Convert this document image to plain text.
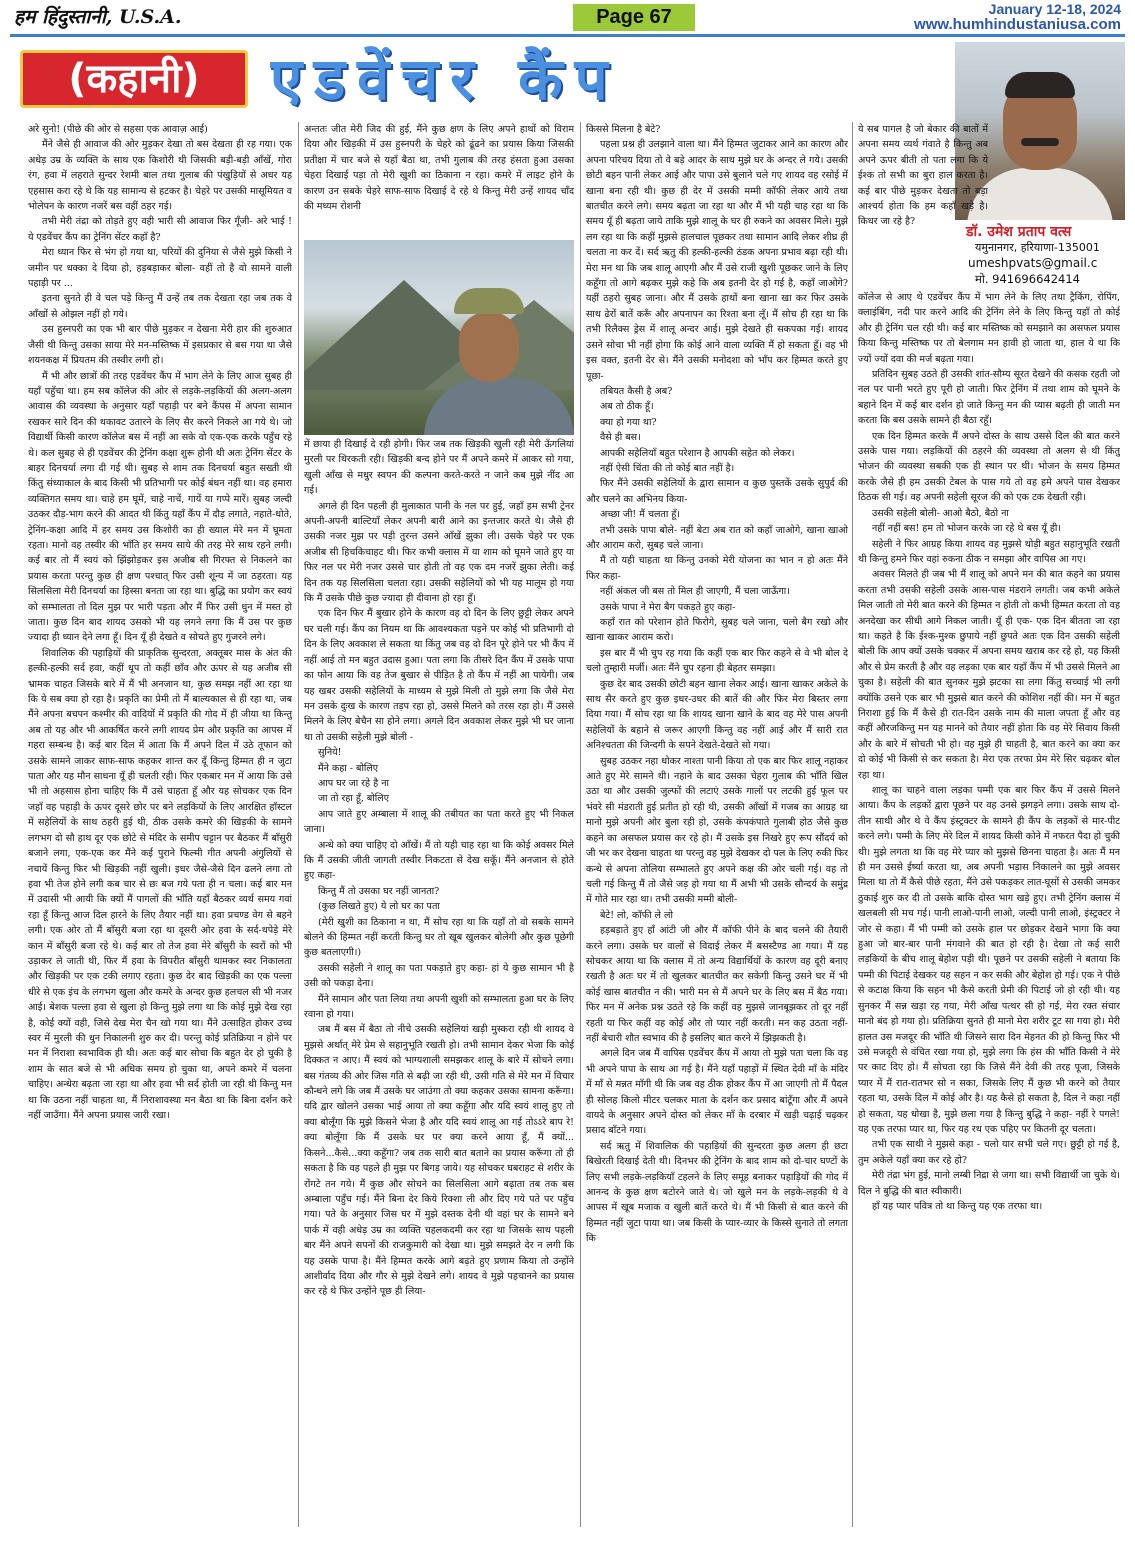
हम हिंदुस्तानी, U.S.A.	Page 67	January 12-18, 2024
www.humhindustaniusa.com
(कहानी)	एडवेंचर कैंप
डॉ. उमेश प्रताप वत्स
यमुनानगर, हरियाणा-135001
umeshpvats@gmail.c
मो. 941696642414

अरे सुनो! (पीछे की ओर से सहसा एक आवाज़ आई)

मैंने जैसे ही आवाज की ओर मुड़कर देखा तो बस देखता ही रह गया। एक अधेड़ उम्र के व्यक्ति के साथ एक किशोरी थी जिसकी बड़ी-बड़ी आँखें, गोरा रंग, हवा में लहराते सुन्दर रेशमी बाल तथा गुलाब की पंखुड़ियों से अधर यह एहसास करा रहे थे कि यह सामान्य से हटकर है। चेहरे पर उसकी मासूमियत व भोलेपन के कारण नजरें बस वहीं ठहर गई।

तभी मेरी तंद्रा को तोड़ते हुए वही भारी सी आवाज फिर गूँजी- अरे भाई ! ये एडवेंचर कैंप का ट्रेनिंग सेंटर कहाँ है?

मेरा ध्यान फिर से भंग हो गया था, परियों की दुनिया से जैसे मुझे किसी ने जमीन पर धक्का दे दिया हो, हड़बड़ाकर बोला- वहीं तो है वो सामने वाली पहाड़ी पर ...

इतना सुनते ही वे चल पड़े किन्तु मैं उन्हें तब तक देखता रहा जब तक वे आँखों से ओझल नहीं हो गये।

उस हुस्नपरी का एक भी बार पीछे मुड़कर न देखना मेरी हार की शुरुआत जैसी थी किन्तु उसका साया मेरे मन-मस्तिष्क में इसप्रकार से बस गया था जैसे शयनकक्ष में प्रियतम की तस्वीर लगी हो।

मैं भी और छात्रों की तरह एडवेंचर कैंप में भाग लेने के लिए आज सुबह ही यहाँ पहुँचा था। हम सब कॉलेज की ओर से लड़के-लड़कियों की अलग-अलग आवास की व्यवस्था के अनुसार यहाँ पहाड़ी पर बने कैंपस में अपना सामान रखकर सारे दिन की थकावट उतारने के लिए सैर करने निकले आ गये थे। जो विद्यार्थी किसी कारण कॉलेज बस में नहीं आ सके वो एक-एक करके पहुँच रहे थे। कल सुबह से ही एडवेंचर की ट्रेनिंग कक्षा शुरू होनी थी अतः ट्रेनिंग सेंटर के बाहर दिनचर्या लगा दी गई थी। सुबह से शाम तक दिनचर्या बहुत सख्ती थी किंतु संध्याकाल के बाद किसी भी प्रतिभागी पर कोई बंधन नहीं था। वह हमारा व्यक्तिगत समय था। चाहे हम घूमें, चाहे नाचें, गायें या गप्पे मारें। सुबह जल्दी उठकर दौड़-भाग करने की आदत थी किंतु यहाँ कैंप में दौड़ लगाते, नहाते-धोते, ट्रेनिंग-कक्षा आदि में हर समय उस किशोरी का ही ख्याल मेरे मन में घूमता रहता। मानो वह तस्वीर की भाँति हर समय साये की तरह मेरे साथ रहने लगी। कई बार तो मैं स्वयं को झिंझोड़कर इस अजीब सी गिरफ्त से निकलने का प्रयास करता परन्तु कुछ ही क्षण पश्चात् फिर उसी शून्य में जा ठहरता। यह सिलसिला मेरी दिनचर्या का हिस्सा बनता जा रहा था। बुद्धि का प्रयोग कर स्वयं को सम्भालता तो दिल मुझ पर भारी पड़ता और मैं फिर उसी धुन में मस्त हो जाता। कुछ दिन बाद शायद उसको भी यह लगने लगा कि मैं उस पर कुछ ज्यादा ही ध्यान देने लगा हूँ। दिन यूँ ही देखते व सोचते हुए गुजरने लगे।

शिवालिक की पहाड़ियों की प्राकृतिक सुन्दरता, अक्तूबर मास के अंत की हल्की-हल्की सर्द हवा, कहीं धूप तो कहीं छाँव और ऊपर से यह अजीब सी भ्रामक चाहत जिसके बारे में मैं भी अनजान था, कुछ समझ नहीं आ रहा था कि ये सब क्या हो रहा है। प्रकृति का प्रेमी तो मैं बाल्यकाल से ही रहा था, जब मैंने अपना बचपन कश्मीर की वादियों में प्रकृति की गोद में ही जीया था किन्तु अब तो यह और भी आकर्षित करने लगी शायद प्रेम और प्रकृति का आपस में गहरा सम्बन्ध है। कई बार दिल में आता कि मैं अपने दिल में उठे तूफान को उसके सामने जाकर साफ-साफ कहकर शान्त कर दूँ किन्तु हिम्मत ही न जुटा पाता और यह मौन साधना यूँ ही चलती रही। फिर एकबार मन में आया कि उसे भी तो अहसास होना चाहिए कि मैं उसे चाहता हूँ और यह सोचकर एक दिन जहाँ वह पहाड़ी के ऊपर दूसरे छोर पर बने लड़कियों के लिए आरक्षित हॉस्टल में सहेलियों के साथ ठहरी हुई थी, ठीक उसके कमरे की खिड़की के सामने लगभग दो सौ हाथ दूर एक छोटे से मंदिर के समीप चट्टान पर बैठकर मैं बाँसुरी बजाने लगा, एक-एक कर मैंने कई पुराने फिल्मी गीत अपनी अंगुलियों से नचायें किन्तु फिर भी खिड़की नहीं खुली। इधर जैसे-जैसे दिन ढलने लगा तो हवा भी तेज होने लगी कब चार से छः बज गये पता ही न चला। कई बार मन में उदासी भी आयी कि क्यों मैं पागलों की भाँति यहाँ बैठकर व्यर्थ समय गवां रहा हूँ किन्तु आज दिल हारने के लिए तैयार नहीं था। हवा प्रचण्ड वेग से बहने लगी। एक ओर तो मैं बाँसुरी बजा रहा था दूसरी ओर हवा के सर्द-थपेड़े मेरे कान में बाँसुरी बजा रहे थे। कई बार तो तेज हवा मेरे बाँसुरी के स्वरों को भी उड़ाकर ले जाती थी, फिर मैं हवा के विपरीत बाँसुरी थामकर स्वर निकालता और खिड़की पर एक टकी लगाए रहता। कुछ देर बाद खिड़की का एक पल्ला धीरे से एक इंच के लगभग खुला और कमरे के अन्दर कुछ हलचल सी भी नजर आई। बेशक पल्ला हवा से खुला हो किन्तु मुझे लगा था कि कोई मुझे देख रहा है, कोई क्यों वही, जिसे देख मेरा चैन खो गया था। मैंने उत्साहित होकर उच्च स्वर में मुरली की धुन निकालनी शुरु कर दी। परन्तु कोई प्रतिक्रिया न होने पर मन में निराशा स्वभाविक ही थी। अतः कई बार सोचा कि बहुत देर हो चुकी है शाम के सात बजे से भी अधिक समय हो चुका था, अपने कमरे में चलना चाहिए। अन्धेरा बढ़ता जा रहा था और हवा भी सर्द होती जा रही थी किन्तु मन था कि उठना नहीं चाहता था, मैं निराशावस्था मन बैठा था कि बिना दर्शन करे नहीं जाउँगा। मैंने अपना प्रयास जारी रखा।

अन्ततः जीत मेरी जिद की हुई, मैंने कुछ क्षण के लिए अपने हाथों को विराम दिया और खिड़की में उस हुस्नपरी के चेहरे को ढूंढने का प्रयास किया जिसकी प्रतीक्षा में चार बजे से यहाँ बैठा था, तभी गुलाब की तरह हंसता हुआ उसका चेहरा दिखाई पड़ा तो मेरी खुशी का ठिकाना न रहा। कमरे में लाइट होने के कारण उन सबके चेहरे साफ-साफ दिखाई दे रहे थे किन्तु मेरी उन्हें शायद चाँद की मध्यम रोशनी

में छाया ही दिखाई दे रही होगी। फिर जब तक खिड़की खुली रही मेरी ऊँगलियां मुरली पर थिरकती रही। खिड़की बन्द होने पर मैं अपने कमरे में आकर सो गया, खुली आँख से मधुर स्वपन की कल्पना करते-करते न जाने कब मुझे नींद आ गई।

अगले ही दिन पहली ही मुलाकात पानी के नल पर हुई, जहाँ हम सभी ट्रेनर अपनी-अपनी बाल्टियाँ लेकर अपनी बारी आने का इन्तजार करते थे। जैसे ही उसकी नजर मुझ पर पड़ी तुरन्त उसने आँखें झुका ली। उसके चेहरे पर एक अजीब सी हिचकिचाहट थी। फिर कभी क्लास में या शाम को घूमने जाते हुए या फिर नल पर मेरी नजर उससे चार होती तो वह एक दम नजरें झुका लेती। कई दिन तक यह सिलसिला चलता रहा। उसकी सहेलियों को भी यह मालूम हो गया कि मैं उसके पीछे कुछ ज्यादा ही दीवाना हो रहा हूँ।

एक दिन फिर मैं बुखार होने के कारण वह दो दिन के लिए छुट्टी लेकर अपने घर चली गई। कैंप का नियम था कि आवश्यकता पड़ने पर कोई भी प्रतिभागी दो दिन के लिए अवकाश ले सकता था किंतु जब वह दो दिन पूरे होने पर भी कैंप में नहीं आई तो मन बहुत उदास हुआ। पता लगा कि तीसरे दिन कैंप में उसके पापा का फोन आया कि वह तेज बुखार से पीड़ित है तो कैंप में नहीं आ पायेगी। जब यह खबर उसकी सहेलियों के माध्यम से मुझे मिली तो मुझे लगा कि जैसे मेरा मन उसके दुःख के कारण तड़प रहा हो, उससे मिलने को तरस रहा हो। मैं उससे मिलने के लिए बेचैन सा होने लगा। अगले दिन अवकाश लेकर मुझे भी घर जाना था तो उसकी सहेली मुझे बोली -

सुनिये!

मैंने कहा - बोलिए

आप घर जा रहे है ना

जा तो रहा हूँ, बोलिए

आप जाते हुए अम्बाला में शालू की तबीयत का पता करते हुए भी निकल जाना।

अन्धे को क्या चाहिए दो आँखें। मैं तो यही चाह रहा था कि कोई अवसर मिले कि मैं उसकी जीती जागती तस्वीर निकटता से देख सकूँ। मैंने अनजान से होते हुए कहा-

किन्तु मैं तो उसका घर नहीं जानता?

(कुछ लिखते हुए) ये लो घर का पता

(मेरी खुशी का ठिकाना न था, मैं सोच रहा था कि यहाँ तो वो सबके सामने बोलने की हिम्मत नहीं करती किन्तु घर तो खूब खुलकर बोलेगी और कुछ पूछेगी कुछ बतलाएगी।)

उसकी सहेली ने शालू का पता पकड़ाते हुए कहा- हां ये कुछ सामान भी है उसी को पकड़ा देना।

मैंने सामान और पता लिया तथा अपनी खुशी को सम्भालता हुआ घर के लिए रवाना हो गया।

जब मैं बस में बैठा तो नीचे उसकी सहेलियां खड़ी मुस्करा रही थी शायद वे मुझसे अर्थात् मेरे प्रेम से सहानुभूति रखती हो। तभी सामान देकर भेजा कि कोई दिक्कत न आए। मैं स्वयं को भाग्यशाली समझकर शालू के बारे में सोचने लगा। बस गंतव्य की ओर जिस गति से बढ़ी जा रही थी, उसी गति से मेरे मन में विचार कौन्धने लगे कि जब मैं उसके घर जाउंगा तो क्या कहकर उसका सामना करूँगा। यदि द्वार खोलने उसका भाई आया तो क्या कहूँगा और यदि स्वयं शालू हुए तो क्या बोलूँगा कि मुझे किसने भेजा है और यदि स्वयं शालू आ गई तोऽऽरे बाप रे! क्या बोलूँगा कि मैं उसके घर पर क्या करने आया हूँ, मैं क्यों... किसने...कैसे...क्या कहूँगा? जब तक सारी बात बताने का प्रयास करूँगा तो ही सकता है कि वह पहले ही मुझ पर बिगड़ जाये। यह सोचकर घबराहट से शरीर के रोंगटे तन गये। मैं कुछ और सोचने का सिलसिला आगे बढ़ाता तब तक बस अम्बाला पहुँच गई। मैंने बिना देर किये रिक्शा ली और दिए गये पते पर पहुँच गया। पते के अनुसार जिस घर में मुझे दस्तक देनी थी वहां घर के सामने बने पार्क में वही अधेड़ उम्र का व्यक्ति चहलकदमी कर रहा था जिसके साथ पहली बार मैंने अपने सपनों की राजकुमारी को देखा था। मुझे समझते देर न लगी कि यह उसके पापा है। मैंने हिम्मत करके आगे बढ़ते हुए प्रणाम किया तो उन्होंने आशीर्वाद दिया और गौर से मुझे देखने लगे। शायद वे मुझे पहचानने का प्रयास कर रहे थे फिर उन्होंने पूछ ही लिया-

किससे मिलना है बेटे?

पहला प्रश्न ही उलझाने वाला था। मैंने हिम्मत जुटाकर आने का कारण और अपना परिचय दिया तो वे बड़े आदर के साथ मुझे घर के अन्दर ले गये। उसकी छोटी बहन पानी लेकर आई और पापा उसे बुलाने चले गए शायद वह रसोई में खाना बना रही थी। कुछ ही देर में उसकी मम्मी कॉफी लेकर आये तथा बातचीत करने लगे। समय बढ़ता जा रहा था और मैं भी यही चाह रहा था कि समय यूँ ही बढ़ता जाये ताकि मुझे शालू के घर ही रुकने का अवसर मिले। मुझे लग रहा था कि कहीं मुझसे हालचाल पूछकर तथा सामान आदि लेकर शीघ्र ही चलता ना कर दें। सर्द ऋतु की हल्की-हल्की ठंडक अपना प्रभाव बढ़ा रही थी। मेरा मन था कि जब शालू आएगी और मैं उसे राजी खुशी पूछकर जाने के लिए कहूँगा तो आगे बढ़कर मुझे कहे कि अब इतनी देर हो गई है, कहाँ जाओगे? यहीं ठहरो सुबह जाना। और मैं उसके हाथों बना खाना खा कर फिर उसके साथ ढेरों बातें करूँ और अपनापन का रिश्ता बना लूँ। मैं सोच ही रहा था कि तभी रिलैक्स ड्रेस में शालू अन्दर आई। मुझे देखते ही सकपका गई। शायद उसने सोचा भी नहीं होगा कि कोई आने वाला व्यक्ति मैं हो सकता हूँ। वह भी इस वक्त, इतनी देर से। मैंने उसकी मनोदशा को भाँप कर हिम्मत करते हुए पूछा-

तबियत कैसी है अब?

अब तो ठीक हूँ।

क्या हो गया था?

वैसे ही बस।

आपकी सहेलियाँ बहुत परेशान है आपकी सहेत को लेकर।

नहीं ऐसी चिंता की तो कोई बात नहीं है।

फिर मैंने उसकी सहेलियों के द्वारा सामान व कुछ पुस्तकें उसके सुपुर्द की और चलने का अभिनय किया-

अच्छा जी! मैं चलता हूँ।

तभी उसके पापा बोले- नहीं बेटा अब रात को कहाँ जाओगे, खाना खाओ और आराम करो, सुबह चले जाना।

मैं तो यही चाहता था किन्तु उनको मेरी योजना का भान न हो अतः मैंने फिर कहा-

नहीं अंकल जी बस तो मिल ही जाएगी, मैं चला जाऊँगा।

उसके पापा ने मेरा बैग पकड़ते हुए कहा-

कहाँ रात को परेशान होते फिरोगे, सुबह चले जाना, चलो बैग रखो और खाना खाकर आराम करो।

इस बार मैं भी चुप रह गया कि कहीं एक बार फिर कहने से वे भी बोल दे चलो तुम्हारी मर्जी। अतः मैंने चुप रहना ही बेहतर समझा।

कुछ देर बाद उसकी छोटी बहन खाना लेकर आई। खाना खाकर अकेले के साथ सैर करते हुए कुछ इधर-उधर की बातें की और फिर मेरा बिस्तर लगा दिया गया। मैं सोच रहा था कि शायद खाना खाने के बाद वह मेरे पास अपनी सहेलियों के बहाने से जरूर आएगी किन्तु वह नहीं आई और मैं सारी रात अनिश्चतता की जिन्दगी के सपने देखते-देखते सो गया।

सुबह उठकर नहा धोकर नाश्ता पानी किया तो एक बार फिर शालू नहाकर आते हुए मेरे सामने थी। नहाने के बाद उसका चेहरा गुलाब की भाँति खिल उठा था और उसकी जुल्फों की लटाएं उसके गालों पर लटकी हुई फूल पर भंवरे सी मंडराती हुई प्रतीत हो रही थी, उसकी आँखों में गजब का आग्रह था मानो मुझे अपनी ओर बुला रही हो, उसके कंपकंपाते गुलाबी होठ जैसे कुछ कहने का असफल प्रयास कर रहे हो। मैं उसके इस निखरे हुए रूप सौंदर्य को जी भर कर देखना चाहता था परन्तु वह मुझे देखकर दो पल के लिए रुकी फिर कन्धे से अपना तोलिया सम्भालते हुए अपने कक्ष की ओर चली गई। वह तो चली गई किन्तु मैं तो जैसे जड़ हो गया था मैं अभी भी उसके सौन्दर्य के समुंद्र में गोते मार रहा था। तभी उसकी मम्मी बोली-

बेटे! लो, कॉफी ले लो

हड़बड़ाते हुए हाँ आंटी जी और मैं कॉफी पीने के बाद चलने की तैयारी करने लगा। उसके घर वालों से विदाई लेकर मैं बसस्टैण्ड आ गया। मैं यह सोचकर आया था कि क्लास में तो अन्य विद्यार्थियों के कारण वह दूरी बनाए रखती है अतः घर में तो खुलकर बातचीत कर सकेगी किन्तु उसने घर में भी कोई खास बातचीत न की। भारी मन से मैं अपने घर के लिए बस में बैठ गया। फिर मन में अनेक प्रश्न उठते रहे कि कहीं वह मुझसे जानबूझकर तो दूर नहीं रहती या फिर कहीं वह कोई और तो प्यार नहीं करती। मन कह उठता नहीं-नहीं बेचारी शौत स्वभाव की है इसलिए बात करने में झिझकती है।

अगले दिन जब मैं वापिस एडवेंचर कैंप में आया तो मुझे पता चला कि वह भी अपने पापा के साथ आ गई है। मैंने यहाँ पहाड़ों में स्थित देवी माँ के मंदिर में माँ से मन्नत माँगी थी कि जब वह ठीक होकर कैंप में आ जाएगी तो मैं पैदल ही सोलह किलो मीटर चलकर माता के दर्शन कर प्रसाद बांटूँगा और मैं अपने वायदे के अनुसार अपने दोस्त को लेकर माँ के दरबार में खड़ी चढ़ाई चढ़कर प्रसाद बाँटने गया।

सर्द ऋतु में शिवालिक की पहाड़ियों की सुन्दरता कुछ अलग ही छटा बिखेरती दिखाई देती थी। दिनभर की ट्रेनिंग के बाद शाम को दो-चार घण्टों के लिए सभी लड़के-लड़कियाँ टहलने के लिए समूह बनाकर पहाड़ियों की गोद में आनन्द के कुछ क्षण बटोरने जाते थे। जो खुले मन के लड़के-लड़की थे वे आपस में खूब मजाक व खुली बातें करते थे। मैं भी किसी से बात करने की हिम्मत नहीं जुटा पाया था। जब किसी के प्यार-व्यार के किस्से सुनाते तो लगता कि

ये सब पागल है जो बेकार की बातों में अपना समय व्यर्थ गंवाते है किन्तु अब अपने ऊपर बीती तो पता लगा कि ये ईश्क तो सभी का बुरा हाल करता है। कई बार पीछे मुड़कर देखता तो बड़ा आश्चर्य होता कि हम कहाँ खड़े है। किधर जा रहे है?

कॉलेज से आए थे एडवेंचर कैंप में भाग लेने के लिए तथा ट्रैकिंग, रोपिंग, क्लाइंबिंग, नदी पार करने आदि की ट्रेनिंग लेने के लिए किन्तु यहाँ तो कोई और ही ट्रेनिंग चल रही थी। कई बार मस्तिष्क को समझाने का असफल प्रयास किया किन्तु मस्तिष्क पर तो बेलगाम मन हावी हो जाता था, हाल ये था कि ज्यों ज्यों दवा की मर्ज बढ़ता गया।

प्रतिदिन सुबह उठते ही उसकी शांत-सौम्य सूरत देखने की कसक रहती जो नल पर पानी भरते हुए पूरी हो जाती। फिर ट्रेनिंग में तथा शाम को घूमने के बहाने दिन में कई बार दर्शन हो जाते किन्तु मन की प्यास बढ़ती ही जाती मन करता कि बस उसके सामने ही बैठा रहूँ।

एक दिन हिम्मत करके मैं अपने दोस्त के साथ उससे दिल की बात करने उसके पास गया। लड़कियों की ठहरने की व्यवस्था तो अलग से थी किंतु भोजन की व्यवस्था सबकी एक ही स्थान पर थी। भोजन के समय हिम्मत करके जैसे ही हम उसकी टेबल के पास गये तो वह हमे अपने पास देखकर ठिठक सी गई। वह अपनी सहेली सूरज की को एक टक देखती रही।

उसकी सहेली बोली- आओ बैठो, बैठो ना

नहीं नहीं बस! हम तो भोजन करके जा रहे थे बस यूँ ही।

सहेली ने फिर आग्रह किया शायद वह मुझसे थोड़ी बहुत सहानुभूति रखती थी किन्तु हमने फिर वहां रुकना ठीक न समझा और वापिस आ गए।

अवसर मिलते ही जब भी मैं शालू को अपने मन की बात कहने का प्रयास करता तभी उसकी सहेली उसके आस-पास मंडराने लगती। जब कभी अकेले मिल जाती तो मेरी बात करने की हिम्मत न होती तो कभी हिम्मत करता तो वह अनदेखा कर सीधी आगे निकल जाती। यूँ ही एक- एक दिन बीतता जा रहा था। कहते है कि ईश्क-मुश्क छुपाये नहीं छुपते अतः एक दिन उसकी सहेली बोली कि आप क्यों उसके चक्कर में अपना समय खराब कर रहे हो, यह किसी और से प्रेम करती है और वह लड़का एक बार यहाँ कैंप में भी उससे मिलने आ चुका है। सहेली की बात सुनकर मुझे झटका सा लगा किंतु सच्चाई भी लगी क्योंकि उसने एक बार भी मुझसे बात करने की कोशिश नहीं की। मन में बहुत निराशा हुई कि मैं कैसे ही रात-दिन उसके नाम की माला जपता हूँ और वह कहीं औरजकिन्तु मन यह मानने को तैयार नहीं होता कि वह मेरे सिवाय किसी और के बारे में सोचती भी हो। वह मुझे ही चाहती है, बात करने का क्या कर दो कोई भी किसी से कर सकता है। मेरा एक तरफा प्रेम मेरे सिर चढ़कर बोल रहा था।

शालू का चाहने वाला लड़का पम्मी एक बार फिर कैंप में उससे मिलने आया। कैंप के लड़कों द्वारा पूछने पर वह उनसे झगड़ने लगा। उसके साथ दो-तीन साथी और थे वे कैंप इंस्ट्रक्टर के सामने ही कैंप के लड़कों से मार-पीट करने लगे। पम्मी के लिए मेरे दिल में शायद किसी कोने में नफरत पैदा हो चुकी थी। मुझे लगता था कि वह मेरे प्यार को मुझसे छिनना चाहता है। अतः मैं मन ही मन उससे ईर्ष्या करता था, अब अपनी भड़ास निकालने का मुझे अवसर मिला था तो मैं कैसे पीछे रहता, मैंने उसे पकड़कर लात-घूसों से उसकी जमकर ठुकाई शुरु कर दी तो उसके बाकि दोस्त भाग खड़े हुए। तभी ट्रेनिंग क्लास में खलबली सी मच गई। पानी लाओ-पानी लाओ, जल्दी पानी लाओ, इंस्ट्रक्टर ने जोर से कहा। मैं भी पम्मी को उसके हाल पर छोड़कर देखने भागा कि क्या हुआ जो बार-बार पानी मंगवाने की बात हो रही है। देखा तो कई सारी लड़कियों के बीच शालू बेहोश पड़ी थी। पूछने पर उसकी सहेली ने बताया कि पम्मी की पिटाई देखकर यह सहन न कर सकी और बेहोश हो गई। एक ने पीछे से कटाक्ष किया कि सहन भी कैसे करती प्रेमी की पिटाई जो हो रही थी। यह सुनकर मैं सन्न खड़ा रह गया, मेरी आँख पत्थर सी हो गई, मेरा रक्त संचार मानो बंद हो गया हो। प्रतिक्रिया सुनते ही मानो मेरा शरीर टूट सा गया हो। मेरी हालत उस मजदूर की भाँति थी जिसने सारा दिन मेहनत की हो किन्तु फिर भी उसे मजदूरी से वंचित रखा गया हो, मुझे लगा कि हंस की भाँति किसी ने मेरे पर काट दिए हो। मैं सोचता रहा कि जिसे मैंने देवी की तरह पूजा, जिसके प्यार में मैं रात-रातभर सो न सका, जिसके लिए मैं कुछ भी करने को तैयार रहता था, उसके दिल में कोई और है। यह कैसे हो सकता है, दिल ने कहा नहीं हो सकता, यह धोखा है, मुझे छला गया है किन्तु बुद्धि ने कहा- नहीं रे पगले! यह एक तरफा प्यार था, फिर यह रथ एक पहिए पर कितनी दूर चलता।

तभी एक साथी ने मुझसे कहा - चलो यार सभी चले गए। छुट्टी हो गई है, तुम अकेले यहाँ क्या कर रहे हो?

मेरी तंद्रा भंग हुई, मानो लम्बी निद्रा से जगा था। सभी विद्यार्थी जा चुके थे। दिल ने बुद्धि की बात स्वीकारी।

हाँ यह प्यार पवित्र तो था किन्तु यह एक तरफा था।
